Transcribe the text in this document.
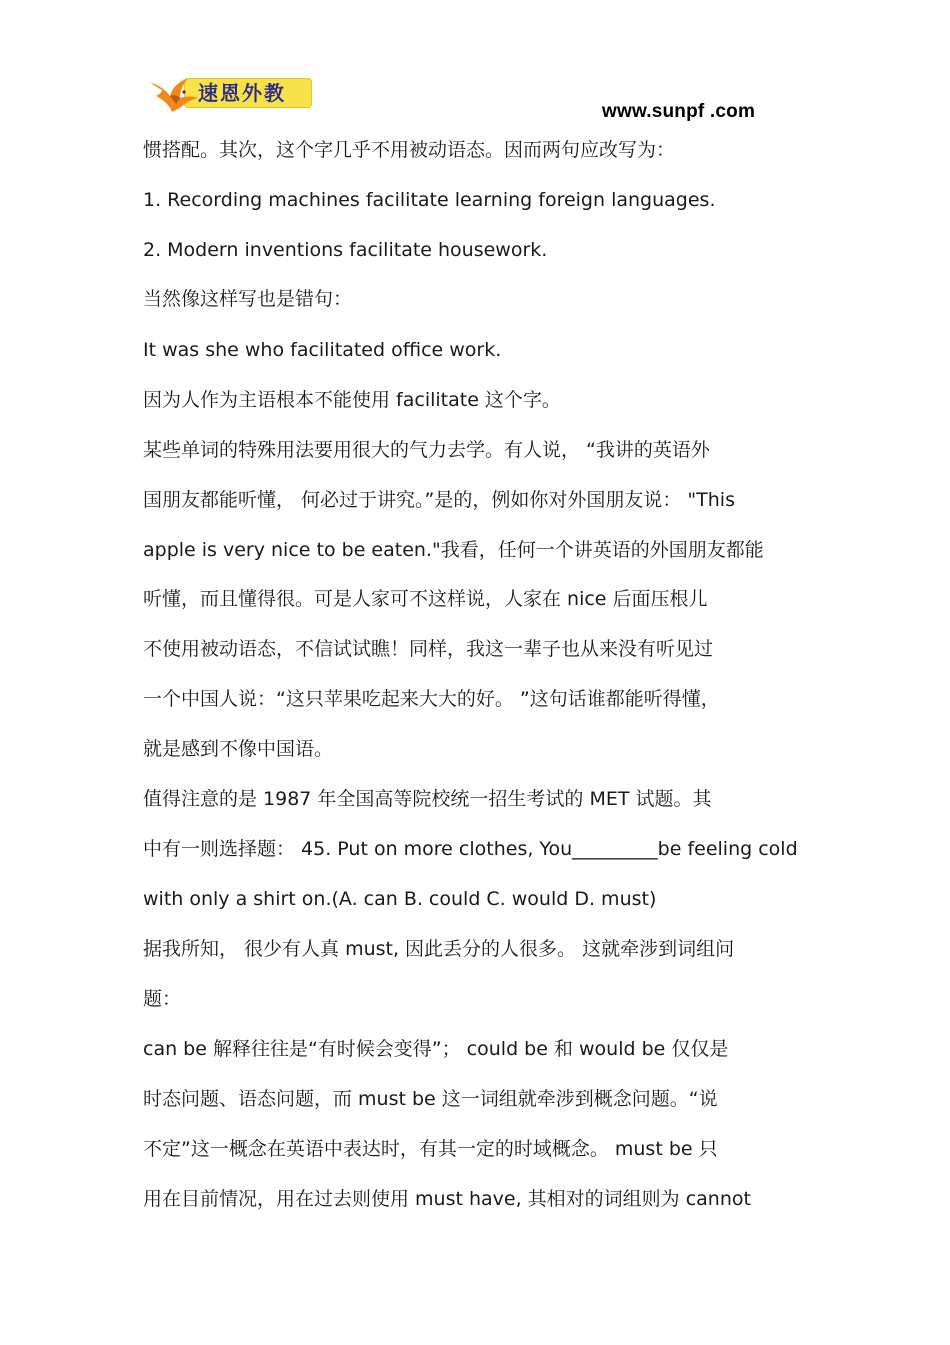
速恩外教
www.sunpf .com
惯搭配。其次，这个字几乎不用被动语态。因而两句应改写为：
1. Recording machines facilitate learning foreign languages.
2. Modern inventions facilitate housework.
当然像这样写也是错句：
It was she who facilitated office work.
因为人作为主语根本不能使用 facilitate 这个字。
某些单词的特殊用法要用很大的气力去学。有人说， “我讲的英语外
国朋友都能听懂， 何必过于讲究。”是的，例如你对外国朋友说： "This
apple is very nice to be eaten."我看，任何一个讲英语的外国朋友都能
听懂，而且懂得很。可是人家可不这样说，人家在 nice 后面压根儿
不使用被动语态，不信试试瞧！同样，我这一辈子也从来没有听见过
一个中国人说：“这只苹果吃起来大大的好。 ”这句话谁都能听得懂，
就是感到不像中国语。
值得注意的是 1987 年全国高等院校统一招生考试的 MET 试题。其
中有一则选择题： 45. Put on more clothes, You_________be feeling cold
with only a shirt on.(A. can B. could C. would D. must)
据我所知， 很少有人真 must, 因此丢分的人很多。 这就牵涉到词组问
题：
can be 解释往往是“有时候会变得”； could be 和 would be 仅仅是
时态问题、语态问题，而 must be 这一词组就牵涉到概念问题。“说
不定”这一概念在英语中表达时，有其一定的时域概念。 must be 只
用在目前情况，用在过去则使用 must have, 其相对的词组则为 cannot
